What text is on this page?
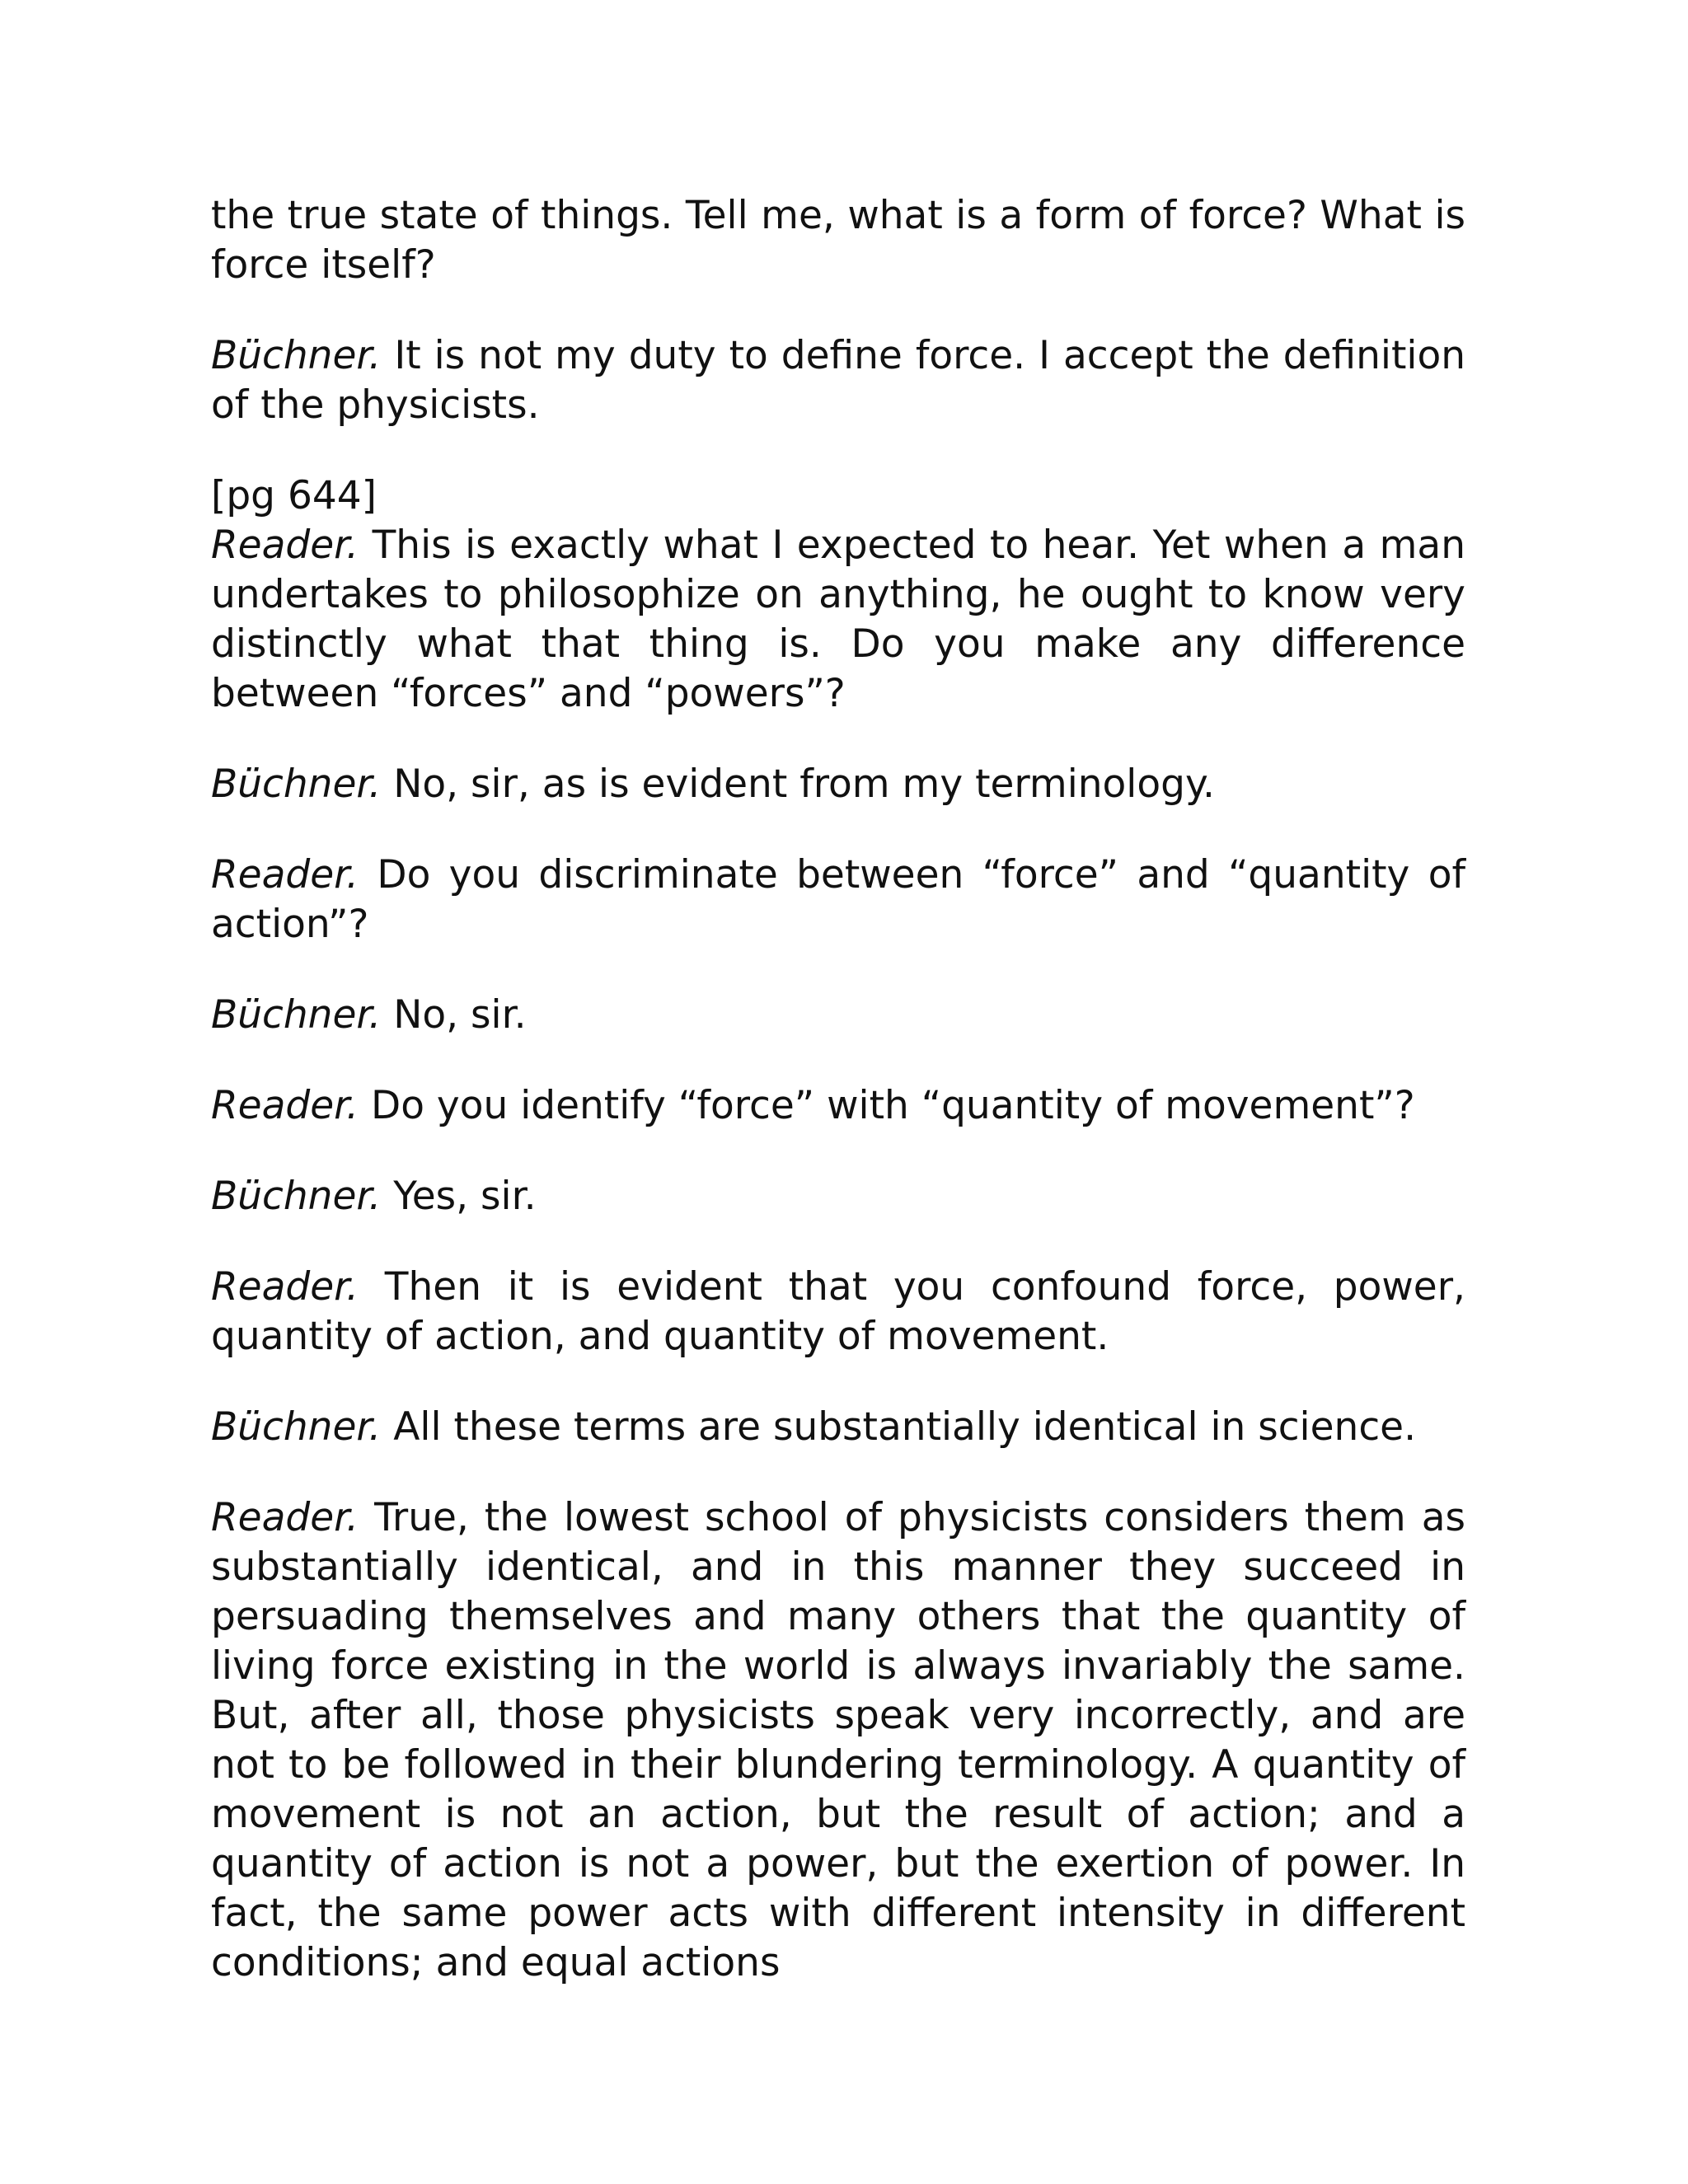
the true state of things. Tell me, what is a form of force? What is force itself?

Büchner. It is not my duty to define force. I accept the definition of the physicists.

[pg 644]
Reader. This is exactly what I expected to hear. Yet when a man undertakes to philosophize on anything, he ought to know very distinctly what that thing is. Do you make any difference between “forces” and “powers”?

Büchner. No, sir, as is evident from my terminology.

Reader. Do you discriminate between “force” and “quantity of action”?

Büchner. No, sir.

Reader. Do you identify “force” with “quantity of movement”?

Büchner. Yes, sir.

Reader. Then it is evident that you confound force, power, quantity of action, and quantity of movement.

Büchner. All these terms are substantially identical in science.

Reader. True, the lowest school of physicists considers them as substantially identical, and in this manner they succeed in persuading themselves and many others that the quantity of living force existing in the world is always invariably the same. But, after all, those physicists speak very incorrectly, and are not to be followed in their blundering terminology. A quantity of movement is not an action, but the result of action; and a quantity of action is not a power, but the exertion of power. In fact, the same power acts with different intensity in different conditions; and equal actions
